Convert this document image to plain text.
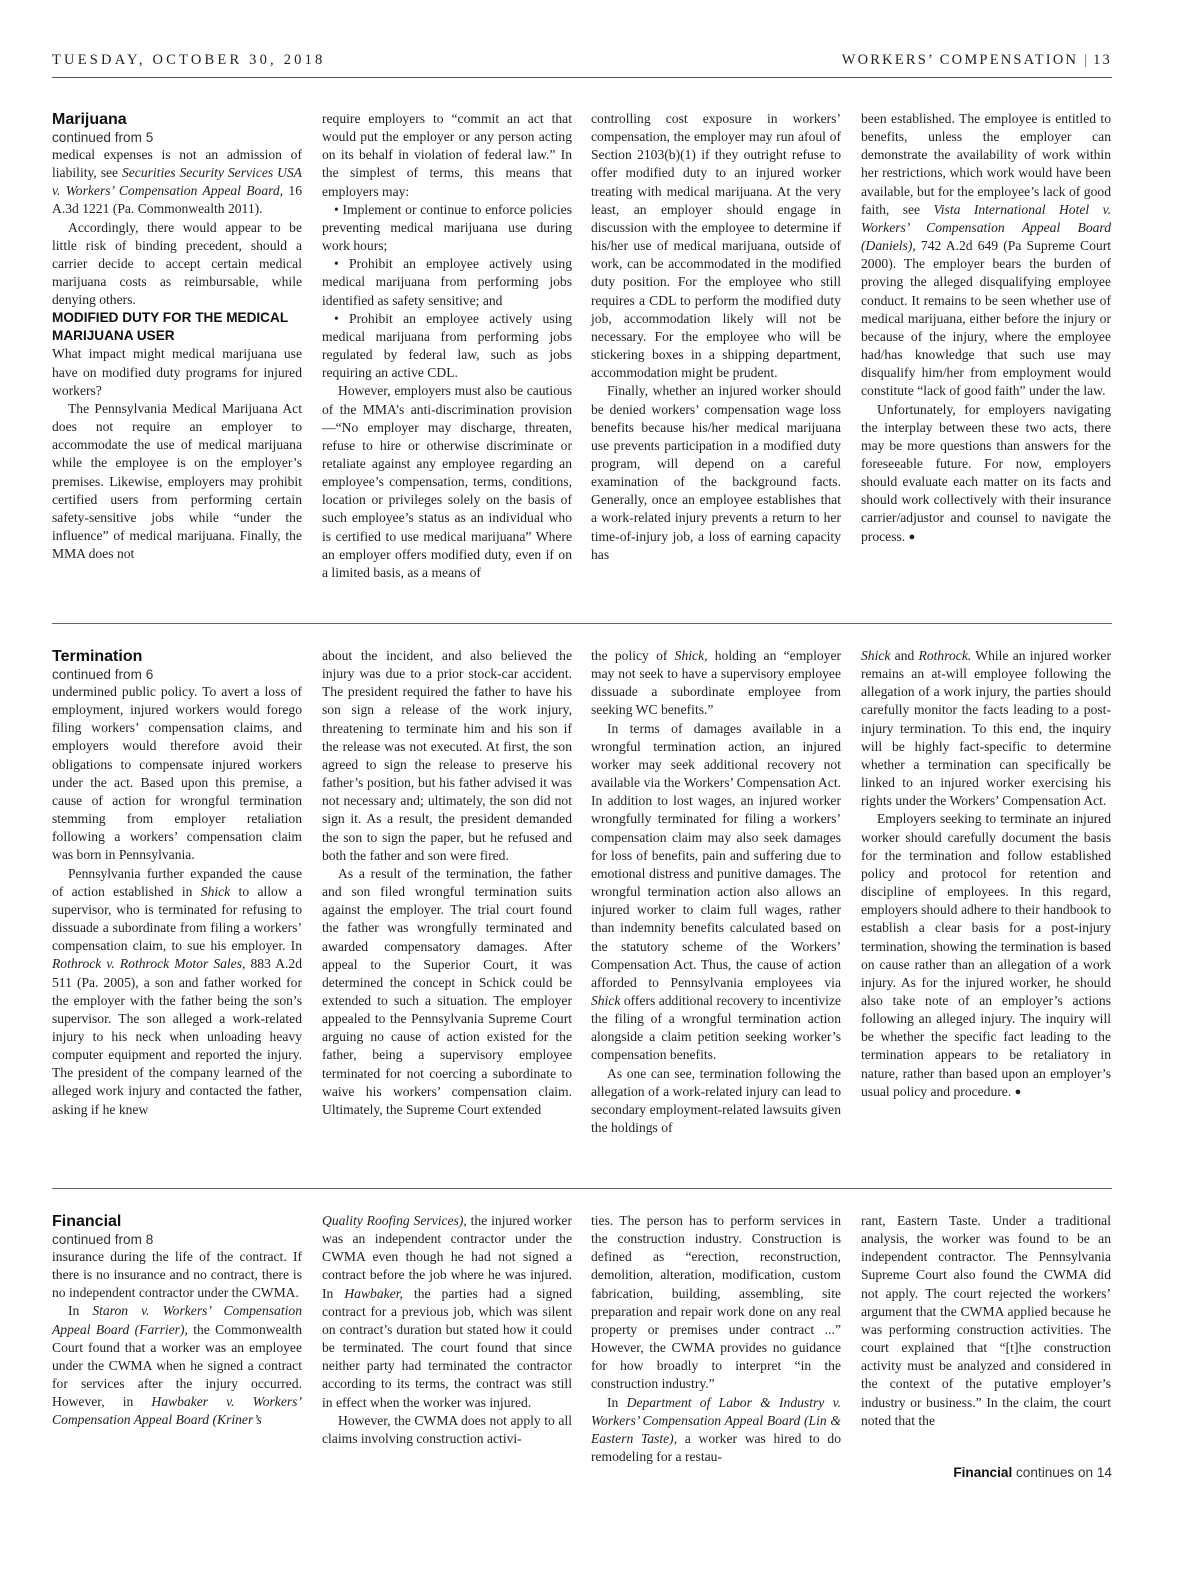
TUESDAY, OCTOBER 30, 2018	WORKERS’ COMPENSATION | 13

Marijuana

continued from 5

medical expenses is not an admission of liability, see Securities Security Services USA v. Workers’ Compensation Appeal Board, 16 A.3d 1221 (Pa. Commonwealth 2011).

Accordingly, there would appear to be little risk of binding precedent, should a carrier decide to accept certain medical marijuana costs as reimbursable, while denying others.

MODIFIED DUTY FOR THE MEDICAL MARIJUANA USER

What impact might medical marijuana use have on modified duty programs for injured workers?

The Pennsylvania Medical Marijuana Act does not require an employer to accommodate the use of medical marijuana while the employee is on the employer’s premises. Likewise, employers may prohibit certified users from performing certain safety-sensitive jobs while “under the influence” of medical marijuana. Finally, the MMA does not

require employers to “commit an act that would put the employer or any person acting on its behalf in violation of federal law.” In the simplest of terms, this means that employers may:

• Implement or continue to enforce policies preventing medical marijuana use during work hours;

• Prohibit an employee actively using medical marijuana from performing jobs identified as safety sensitive; and

• Prohibit an employee actively using medical marijuana from performing jobs regulated by federal law, such as jobs requiring an active CDL.

However, employers must also be cautious of the MMA’s anti-discrimination provision—“No employer may discharge, threaten, refuse to hire or otherwise discriminate or retaliate against any employee regarding an employee’s compensation, terms, conditions, location or privileges solely on the basis of such employee’s status as an individual who is certified to use medical marijuana” Where an employer offers modified duty, even if on a limited basis, as a means of

controlling cost exposure in workers’ compensation, the employer may run afoul of Section 2103(b)(1) if they outright refuse to offer modified duty to an injured worker treating with medical marijuana. At the very least, an employer should engage in discussion with the employee to determine if his/her use of medical marijuana, outside of work, can be accommodated in the modified duty position. For the employee who still requires a CDL to perform the modified duty job, accommodation likely will not be necessary. For the employee who will be stickering boxes in a shipping department, accommodation might be prudent.

Finally, whether an injured worker should be denied workers’ compensation wage loss benefits because his/her medical marijuana use prevents participation in a modified duty program, will depend on a careful examination of the background facts. Generally, once an employee establishes that a work-related injury prevents a return to her time-of-injury job, a loss of earning capacity has

been established. The employee is entitled to benefits, unless the employer can demonstrate the availability of work within her restrictions, which work would have been available, but for the employee’s lack of good faith, see Vista International Hotel v. Workers’ Compensation Appeal Board (Daniels), 742 A.2d 649 (Pa Supreme Court 2000). The employer bears the burden of proving the alleged disqualifying employee conduct. It remains to be seen whether use of medical marijuana, either before the injury or because of the injury, where the employee had/has knowledge that such use may disqualify him/her from employment would constitute “lack of good faith” under the law.

Unfortunately, for employers navigating the interplay between these two acts, there may be more questions than answers for the foreseeable future. For now, employers should evaluate each matter on its facts and should work collectively with their insurance carrier/adjustor and counsel to navigate the process. ●

Termination

continued from 6

undermined public policy. To avert a loss of employment, injured workers would forego filing workers’ compensation claims, and employers would therefore avoid their obligations to compensate injured workers under the act. Based upon this premise, a cause of action for wrongful termination stemming from employer retaliation following a workers’ compensation claim was born in Pennsylvania.

Pennsylvania further expanded the cause of action established in Shick to allow a supervisor, who is terminated for refusing to dissuade a subordinate from filing a workers’ compensation claim, to sue his employer. In Rothrock v. Rothrock Motor Sales, 883 A.2d 511 (Pa. 2005), a son and father worked for the employer with the father being the son’s supervisor. The son alleged a work-related injury to his neck when unloading heavy computer equipment and reported the injury. The president of the company learned of the alleged work injury and contacted the father, asking if he knew

about the incident, and also believed the injury was due to a prior stock-car accident. The president required the father to have his son sign a release of the work injury, threatening to terminate him and his son if the release was not executed. At first, the son agreed to sign the release to preserve his father’s position, but his father advised it was not necessary and; ultimately, the son did not sign it. As a result, the president demanded the son to sign the paper, but he refused and both the father and son were fired.

As a result of the termination, the father and son filed wrongful termination suits against the employer. The trial court found the father was wrongfully terminated and awarded compensatory damages. After appeal to the Superior Court, it was determined the concept in Schick could be extended to such a situation. The employer appealed to the Pennsylvania Supreme Court arguing no cause of action existed for the father, being a supervisory employee terminated for not coercing a subordinate to waive his workers’ compensation claim. Ultimately, the Supreme Court extended

the policy of Shick, holding an “employer may not seek to have a supervisory employee dissuade a subordinate employee from seeking WC benefits.”

In terms of damages available in a wrongful termination action, an injured worker may seek additional recovery not available via the Workers’ Compensation Act. In addition to lost wages, an injured worker wrongfully terminated for filing a workers’ compensation claim may also seek damages for loss of benefits, pain and suffering due to emotional distress and punitive damages. The wrongful termination action also allows an injured worker to claim full wages, rather than indemnity benefits calculated based on the statutory scheme of the Workers’ Compensation Act. Thus, the cause of action afforded to Pennsylvania employees via Shick offers additional recovery to incentivize the filing of a wrongful termination action alongside a claim petition seeking worker’s compensation benefits.

As one can see, termination following the allegation of a work-related injury can lead to secondary employment-related lawsuits given the holdings of

Shick and Rothrock. While an injured worker remains an at-will employee following the allegation of a work injury, the parties should carefully monitor the facts leading to a post-injury termination. To this end, the inquiry will be highly fact-specific to determine whether a termination can specifically be linked to an injured worker exercising his rights under the Workers’ Compensation Act.

Employers seeking to terminate an injured worker should carefully document the basis for the termination and follow established policy and protocol for retention and discipline of employees. In this regard, employers should adhere to their handbook to establish a clear basis for a post-injury termination, showing the termination is based on cause rather than an allegation of a work injury. As for the injured worker, he should also take note of an employer’s actions following an alleged injury. The inquiry will be whether the specific fact leading to the termination appears to be retaliatory in nature, rather than based upon an employer’s usual policy and procedure. ●

Financial

continued from 8

insurance during the life of the contract. If there is no insurance and no contract, there is no independent contractor under the CWMA.

In Staron v. Workers’ Compensation Appeal Board (Farrier), the Commonwealth Court found that a worker was an employee under the CWMA when he signed a contract for services after the injury occurred. However, in Hawbaker v. Workers’ Compensation Appeal Board (Kriner’s

Quality Roofing Services), the injured worker was an independent contractor under the CWMA even though he had not signed a contract before the job where he was injured. In Hawbaker, the parties had a signed contract for a previous job, which was silent on contract’s duration but stated how it could be terminated. The court found that since neither party had terminated the contractor according to its terms, the contract was still in effect when the worker was injured.

However, the CWMA does not apply to all claims involving construction activi-

ties. The person has to perform services in the construction industry. Construction is defined as “erection, reconstruction, demolition, alteration, modification, custom fabrication, building, assembling, site preparation and repair work done on any real property or premises under contract ...” However, the CWMA provides no guidance for how broadly to interpret “in the construction industry.”

In Department of Labor & Industry v. Workers’ Compensation Appeal Board (Lin & Eastern Taste), a worker was hired to do remodeling for a restau-

rant, Eastern Taste. Under a traditional analysis, the worker was found to be an independent contractor. The Pennsylvania Supreme Court also found the CWMA did not apply. The court rejected the workers’ argument that the CWMA applied because he was performing construction activities. The court explained that “[t]he construction activity must be analyzed and considered in the context of the putative employer’s industry or business.” In the claim, the court noted that the

Financial continues on 14
